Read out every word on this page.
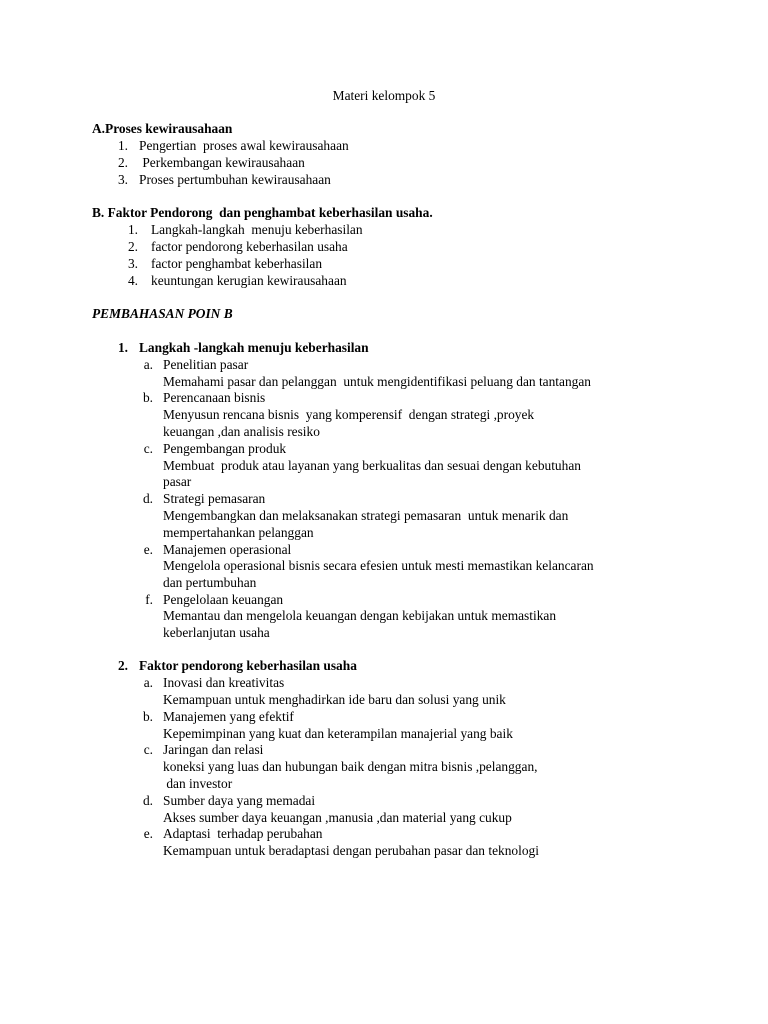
Materi kelompok 5
A.Proses kewirausahaan
1. Pengertian  proses awal kewirausahaan
2. Perkembangan kewirausahaan
3. Proses pertumbuhan kewirausahaan
B. Faktor Pendorong  dan penghambat keberhasilan usaha.
1. Langkah-langkah  menuju keberhasilan
2. factor pendorong keberhasilan usaha
3. factor penghambat keberhasilan
4. keuntungan kerugian kewirausahaan
PEMBAHASAN POIN B
1. Langkah -langkah menuju keberhasilan
a. Penelitian pasar
Memahami pasar dan pelanggan  untuk mengidentifikasi peluang dan tantangan
b. Perencanaan bisnis
Menyusun rencana bisnis  yang komperensif  dengan strategi ,proyek
keuangan ,dan analisis resiko
c. Pengembangan produk
Membuat  produk atau layanan yang berkualitas dan sesuai dengan kebutuhan
pasar
d. Strategi pemasaran
Mengembangkan dan melaksanakan strategi pemasaran  untuk menarik dan
mempertahankan pelanggan
e. Manajemen operasional
Mengelola operasional bisnis secara efesien untuk mesti memastikan kelancaran
dan pertumbuhan
f. Pengelolaan keuangan
Memantau dan mengelola keuangan dengan kebijakan untuk memastikan
keberlanjutan usaha
2. Faktor pendorong keberhasilan usaha
a. Inovasi dan kreativitas
Kemampuan untuk menghadirkan ide baru dan solusi yang unik
b. Manajemen yang efektif
Kepemimpinan yang kuat dan keterampilan manajerial yang baik
c. Jaringan dan relasi
koneksi yang luas dan hubungan baik dengan mitra bisnis ,pelanggan,
dan investor
d. Sumber daya yang memadai
Akses sumber daya keuangan ,manusia ,dan material yang cukup
e. Adaptasi  terhadap perubahan
Kemampuan untuk beradaptasi dengan perubahan pasar dan teknologi
